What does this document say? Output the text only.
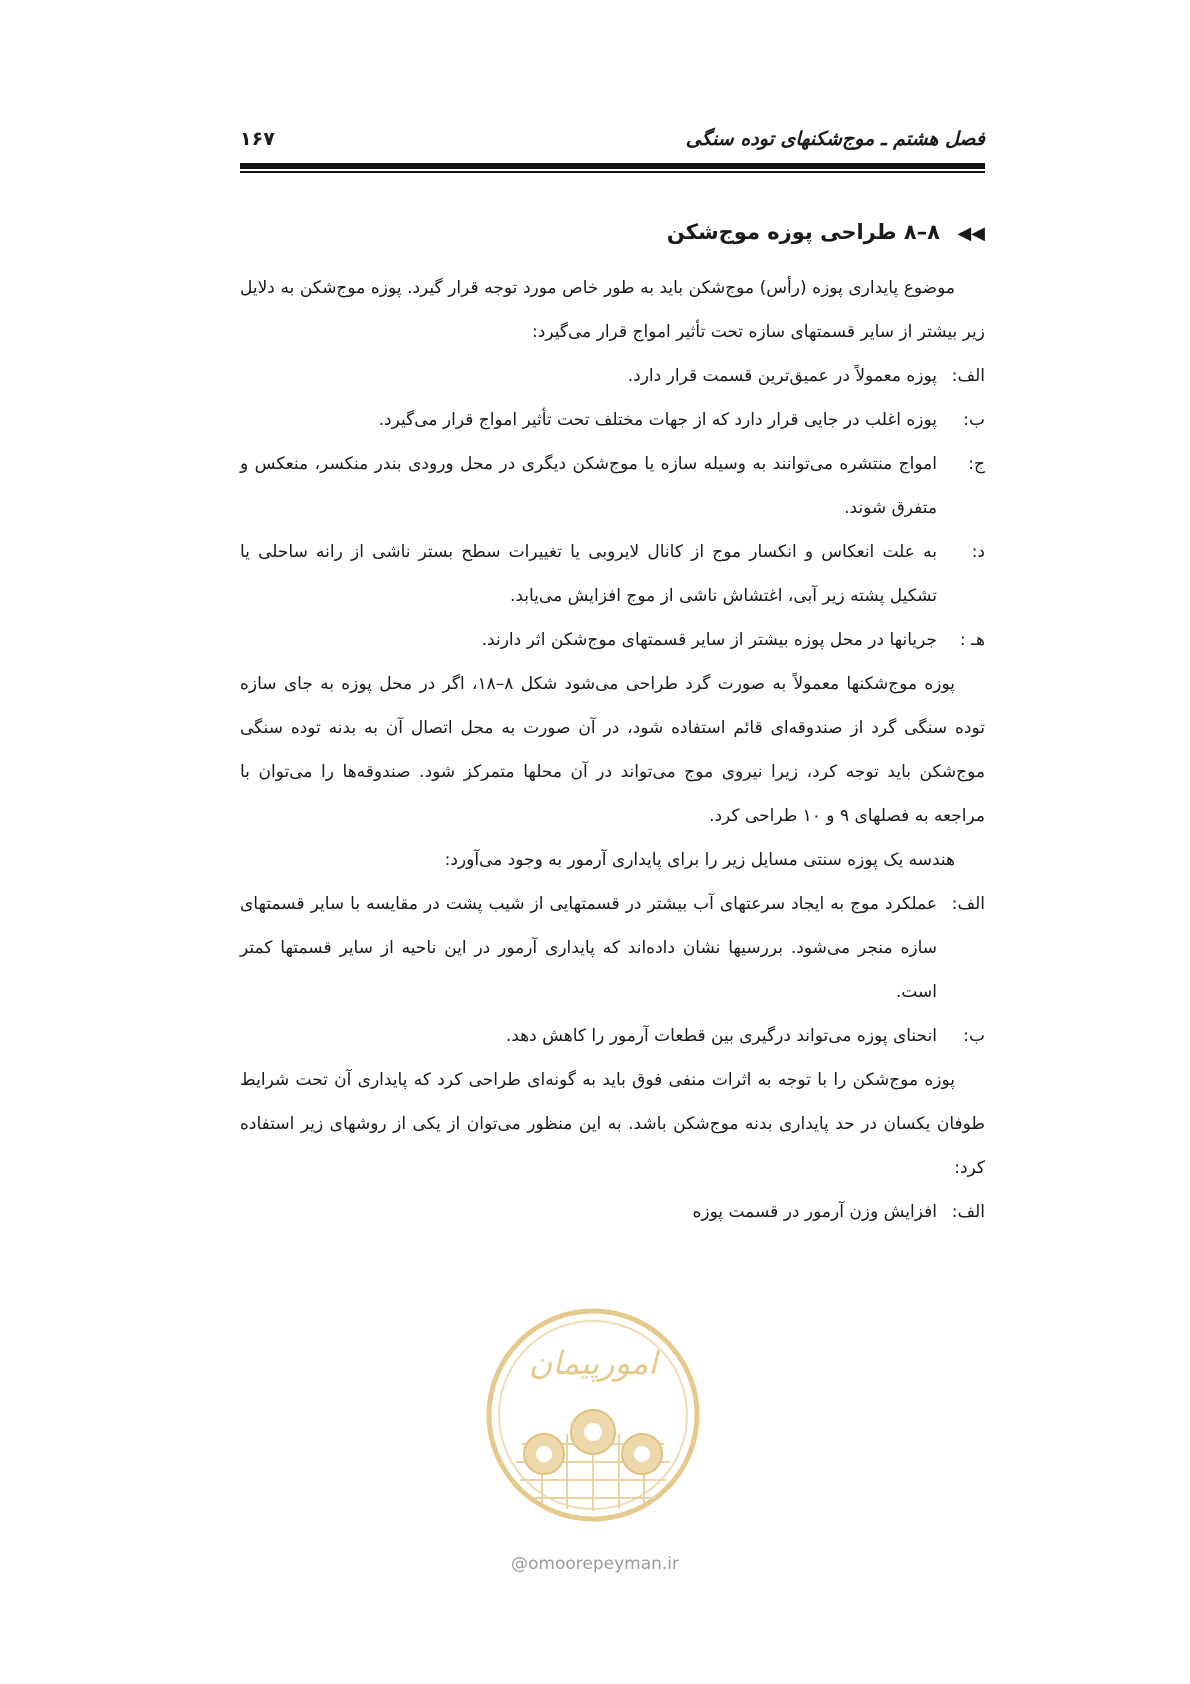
فصل هشتم ـ موج‌شکنهای توده سنگی
۱۶۷
◀◀ ۸–۸ طراحی پوزه موج‌شکن

موضوع پایداری پوزه (رأس) موج‌شکن باید به طور خاص مورد توجه قرار گیرد. پوزه موج‌شکن به دلایل زیر بیشتر از سایر قسمتهای سازه تحت تأثیر امواج قرار می‌گیرد:

الف:
پوزه معمولاً در عمیق‌ترین قسمت قرار دارد.
ب:
پوزه اغلب در جایی قرار دارد که از جهات مختلف تحت تأثیر امواج قرار می‌گیرد.
ج:
امواج منتشره می‌توانند به وسیله سازه یا موج‌شکن دیگری در محل ورودی بندر منکسر، منعکس و متفرق شوند.
د:
به علت انعکاس و انکسار موج از کانال لایروبی یا تغییرات سطح بستر ناشی از رانه ساحلی یا تشکیل پشته زیر آبی، اغتشاش ناشی از موج افزایش می‌یابد.
هـ :
جریانها در محل پوزه بیشتر از سایر قسمتهای موج‌شکن اثر دارند.

پوزه موج‌شکنها معمولاً به صورت گرد طراحی می‌شود شکل ۸–۱۸، اگر در محل پوزه به جای سازه توده سنگی گرد از صندوقه‌ای قائم استفاده شود، در آن صورت به محل اتصال آن به بدنه توده سنگی موج‌شکن باید توجه کرد، زیرا نیروی موج می‌تواند در آن محلها متمرکز شود. صندوقه‌ها را می‌توان با مراجعه به فصلهای ۹ و ۱۰ طراحی کرد.

هندسه یک پوزه سنتی مسایل زیر را برای پایداری آرمور به وجود می‌آورد:

الف:
عملکرد موج به ایجاد سرعتهای آب بیشتر در قسمتهایی از شیب پشت در مقایسه با سایر قسمتهای سازه منجر می‌شود. بررسیها نشان داده‌اند که پایداری آرمور در این ناحیه از سایر قسمتها کمتر است.
ب:
انحنای پوزه می‌تواند درگیری بین قطعات آرمور را کاهش دهد.

پوزه موج‌شکن را با توجه به اثرات منفی فوق باید به گونه‌ای طراحی کرد که پایداری آن تحت شرایط طوفان یکسان در حد پایداری بدنه موج‌شکن باشد. به این منظور می‌توان از یکی از روشهای زیر استفاده کرد:

الف:
افزایش وزن آرمور در قسمت پوزه
امورپیمان
@omoorepeyman.ir
